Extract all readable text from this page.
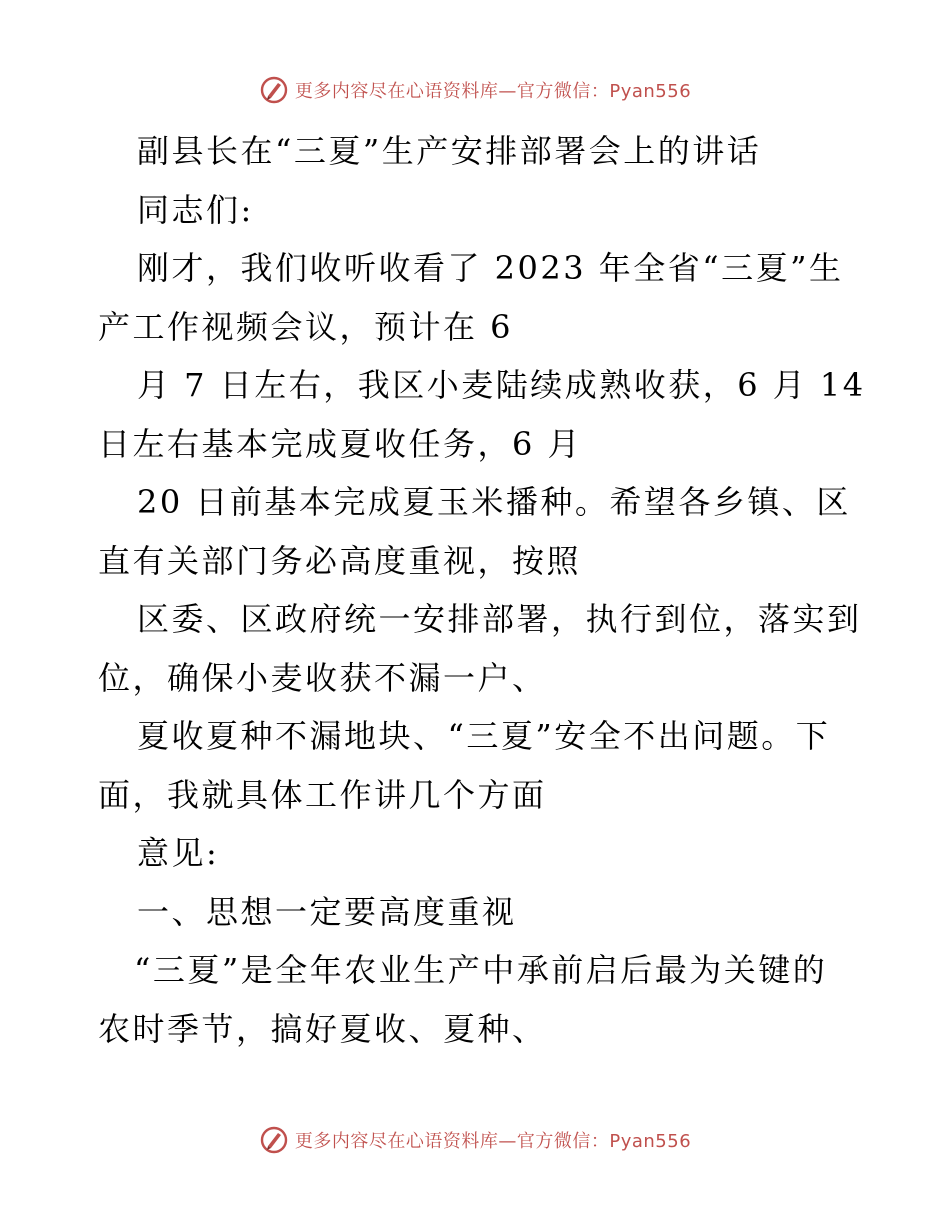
更多内容尽在心语资料库—官方微信：Pyan556
副县长在“三夏”生产安排部署会上的讲话
同志们:
刚才，我们收听收看了 2023 年全省“三夏”生
产工作视频会议，预计在 6
月 7 日左右，我区小麦陆续成熟收获，6 月 14
日左右基本完成夏收任务，6 月
20 日前基本完成夏玉米播种。希望各乡镇、区
直有关部门务必高度重视，按照
区委、区政府统一安排部署，执行到位，落实到
位，确保小麦收获不漏一户、
夏收夏种不漏地块、“三夏”安全不出问题。下
面，我就具体工作讲几个方面
意见:
一、思想一定要高度重视
“三夏”是全年农业生产中承前启后最为关键的
农时季节，搞好夏收、夏种、
更多内容尽在心语资料库—官方微信：Pyan556
